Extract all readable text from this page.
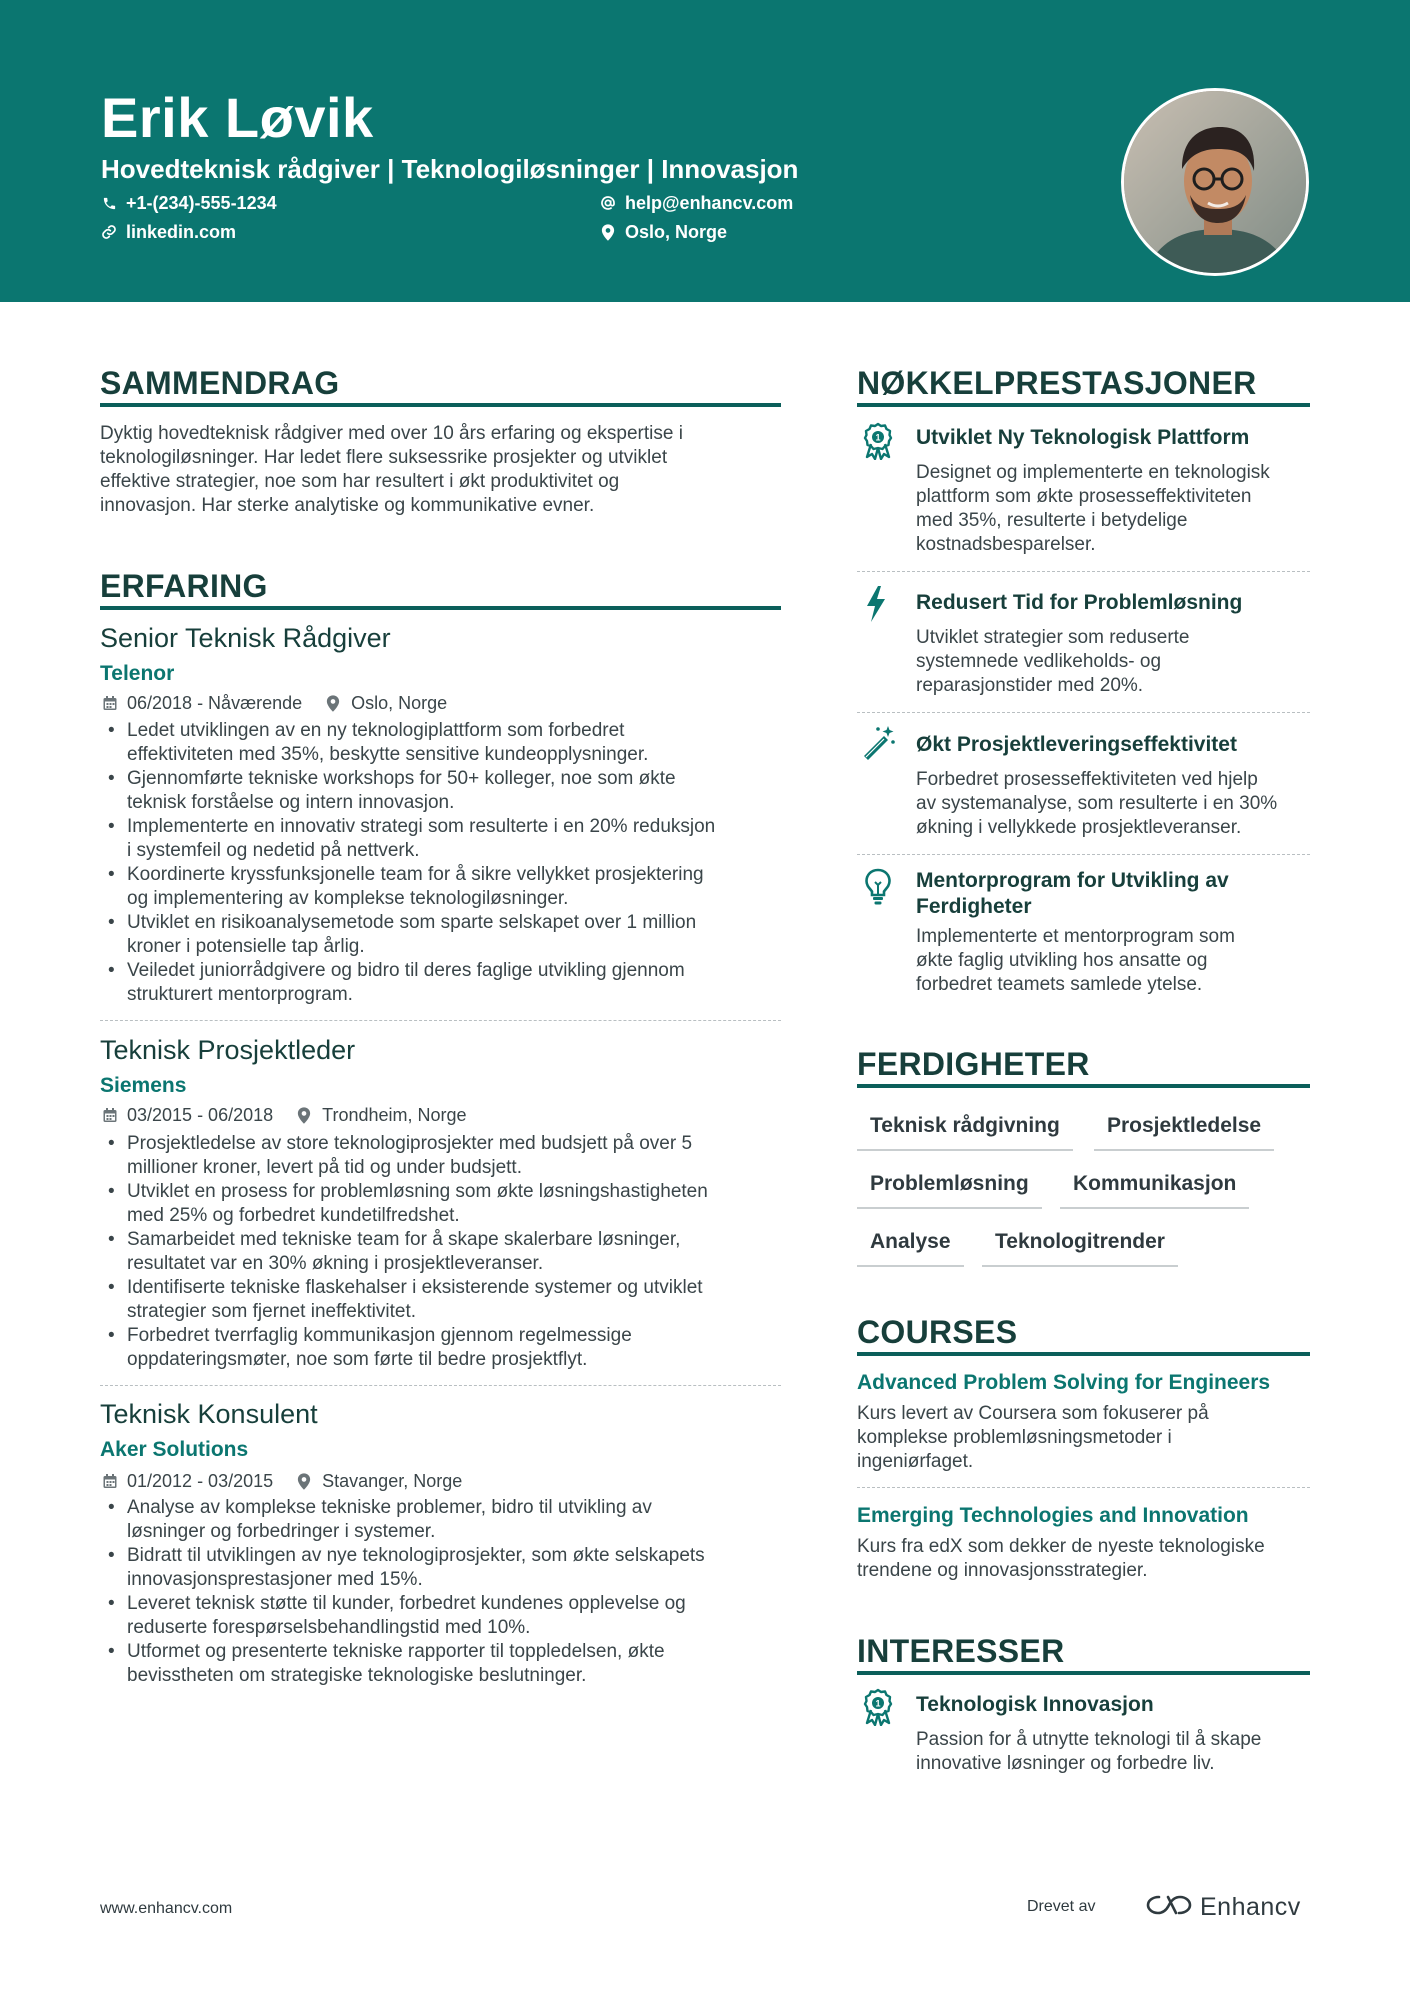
Erik Løvik
Hovedteknisk rådgiver | Teknologiløsninger | Innovasjon
+1-(234)-555-1234	help@enhancv.com
linkedin.com	Oslo, Norge
SAMMENDRAG
Dyktig hovedteknisk rådgiver med over 10 års erfaring og ekspertise i
teknologiløsninger. Har ledet flere suksessrike prosjekter og utviklet
effektive strategier, noe som har resultert i økt produktivitet og
innovasjon. Har sterke analytiske og kommunikative evner.
ERFARING
Senior Teknisk Rådgiver
Telenor
06/2018 - Nåværende	Oslo, Norge
• Ledet utviklingen av en ny teknologiplattform som forbedret
effektiviteten med 35%, beskytte sensitive kundeopplysninger.
• Gjennomførte tekniske workshops for 50+ kolleger, noe som økte
teknisk forståelse og intern innovasjon.
• Implementerte en innovativ strategi som resulterte i en 20% reduksjon
i systemfeil og nedetid på nettverk.
• Koordinerte kryssfunksjonelle team for å sikre vellykket prosjektering
og implementering av komplekse teknologiløsninger.
• Utviklet en risikoanalysemetode som sparte selskapet over 1 million
kroner i potensielle tap årlig.
• Veiledet juniorrådgivere og bidro til deres faglige utvikling gjennom
strukturert mentorprogram.
Teknisk Prosjektleder
Siemens
03/2015 - 06/2018	Trondheim, Norge
• Prosjektledelse av store teknologiprosjekter med budsjett på over 5
millioner kroner, levert på tid og under budsjett.
• Utviklet en prosess for problemløsning som økte løsningshastigheten
med 25% og forbedret kundetilfredshet.
• Samarbeidet med tekniske team for å skape skalerbare løsninger,
resultatet var en 30% økning i prosjektleveranser.
• Identifiserte tekniske flaskehalser i eksisterende systemer og utviklet
strategier som fjernet ineffektivitet.
• Forbedret tverrfaglig kommunikasjon gjennom regelmessige
oppdateringsmøter, noe som førte til bedre prosjektflyt.
Teknisk Konsulent
Aker Solutions
01/2012 - 03/2015	Stavanger, Norge
• Analyse av komplekse tekniske problemer, bidro til utvikling av
løsninger og forbedringer i systemer.
• Bidratt til utviklingen av nye teknologiprosjekter, som økte selskapets
innovasjonsprestasjoner med 15%.
• Leveret teknisk støtte til kunder, forbedret kundenes opplevelse og
reduserte forespørselsbehandlingstid med 10%.
• Utformet og presenterte tekniske rapporter til toppledelsen, økte
bevisstheten om strategiske teknologiske beslutninger.
NØKKELPRESTASJONER
1 Utviklet Ny Teknologisk Plattform
Designet og implementerte en teknologisk
plattform som økte prosesseffektiviteten
med 35%, resulterte i betydelige
kostnadsbesparelser.
Redusert Tid for Problemløsning
Utviklet strategier som reduserte
systemnede vedlikeholds- og
reparasjonstider med 20%.
Økt Prosjektleveringseffektivitet
Forbedret prosesseffektiviteten ved hjelp
av systemanalyse, som resulterte i en 30%
økning i vellykkede prosjektleveranser.
Mentorprogram for Utvikling av
Ferdigheter
Implementerte et mentorprogram som
økte faglig utvikling hos ansatte og
forbedret teamets samlede ytelse.
FERDIGHETER
Teknisk rådgivning	Prosjektledelse
Problemløsning	Kommunikasjon
Analyse	Teknologitrender
COURSES
Advanced Problem Solving for Engineers
Kurs levert av Coursera som fokuserer på
komplekse problemløsningsmetoder i
ingeniørfaget.
Emerging Technologies and Innovation
Kurs fra edX som dekker de nyeste teknologiske
trendene og innovasjonsstrategier.
INTERESSER
1 Teknologisk Innovasjon
Passion for å utnytte teknologi til å skape
innovative løsninger og forbedre liv.
www.enhancv.com	Drevet av	Enhancv
